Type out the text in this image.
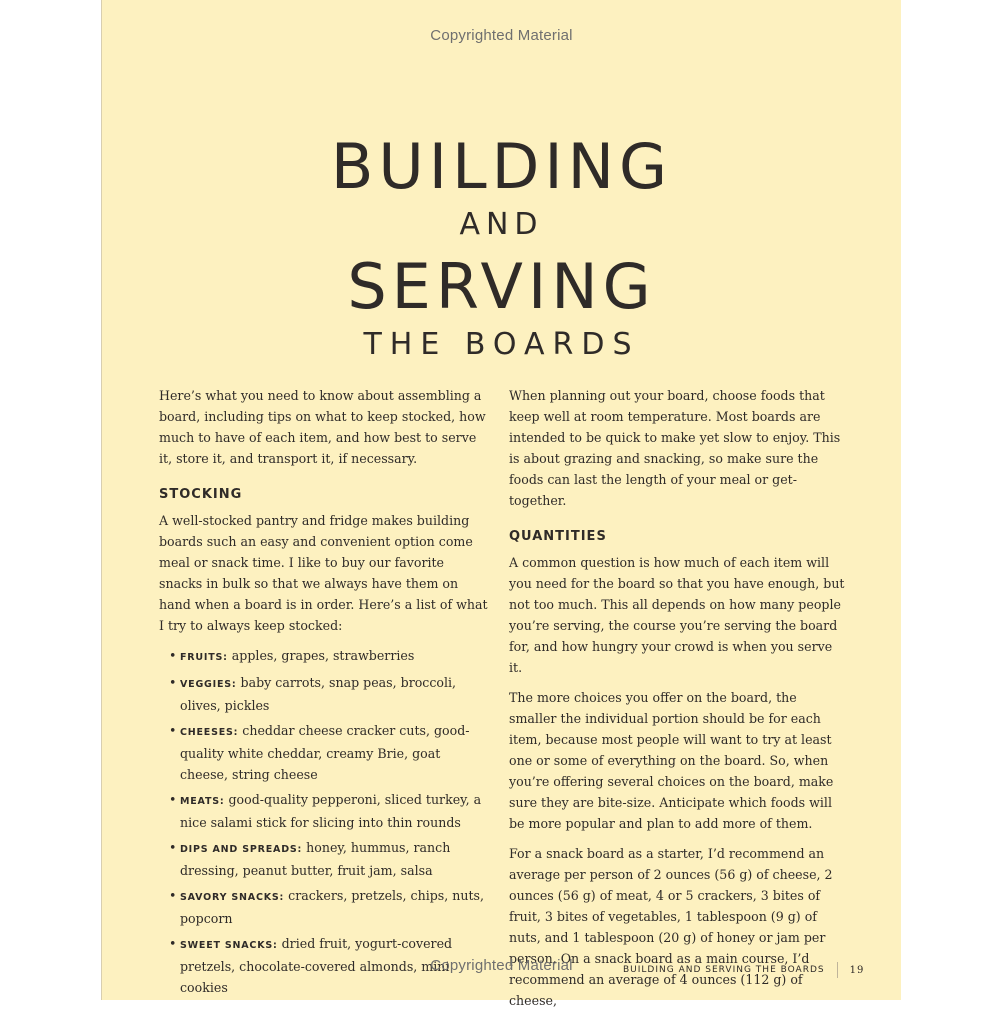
Copyrighted Material
BUILDING
AND
SERVING
THE BOARDS

Here’s what you need to know about assembling a board, including tips on what to keep stocked, how much to have of each item, and how best to serve it, store it, and transport it, if necessary.

STOCKING

A well-stocked pantry and fridge makes building boards such an easy and convenient option come meal or snack time. I like to buy our favorite snacks in bulk so that we always have them on hand when a board is in order. Here’s a list of what I try to always keep stocked:

• FRUITS: apples, grapes, strawberries
• VEGGIES: baby carrots, snap peas, broccoli, olives, pickles
• CHEESES: cheddar cheese cracker cuts, good-quality white cheddar, creamy Brie, goat cheese, string cheese
• MEATS: good-quality pepperoni, sliced turkey, a nice salami stick for slicing into thin rounds
• DIPS AND SPREADS: honey, hummus, ranch dressing, peanut butter, fruit jam, salsa
• SAVORY SNACKS: crackers, pretzels, chips, nuts, popcorn
• SWEET SNACKS: dried fruit, yogurt-covered pretzels, chocolate-covered almonds, mini cookies

When planning out your board, choose foods that keep well at room temperature. Most boards are intended to be quick to make yet slow to enjoy. This is about grazing and snacking, so make sure the foods can last the length of your meal or get-together.

QUANTITIES

A common question is how much of each item will you need for the board so that you have enough, but not too much. This all depends on how many people you’re serving, the course you’re serving the board for, and how hungry your crowd is when you serve it.

The more choices you offer on the board, the smaller the individual portion should be for each item, because most people will want to try at least one or some of everything on the board. So, when you’re offering several choices on the board, make sure they are bite-size. Anticipate which foods will be more popular and plan to add more of them.

For a snack board as a starter, I’d recommend an average per person of 2 ounces (56 g) of cheese, 2 ounces (56 g) of meat, 4 or 5 crackers, 3 bites of fruit, 3 bites of vegetables, 1 tablespoon (9 g) of nuts, and 1 tablespoon (20 g) of honey or jam per person. On a snack board as a main course, I’d recommend an average of 4 ounces (112 g) of cheese,

Copyrighted Material	BUILDING AND SERVING THE BOARDS	19
